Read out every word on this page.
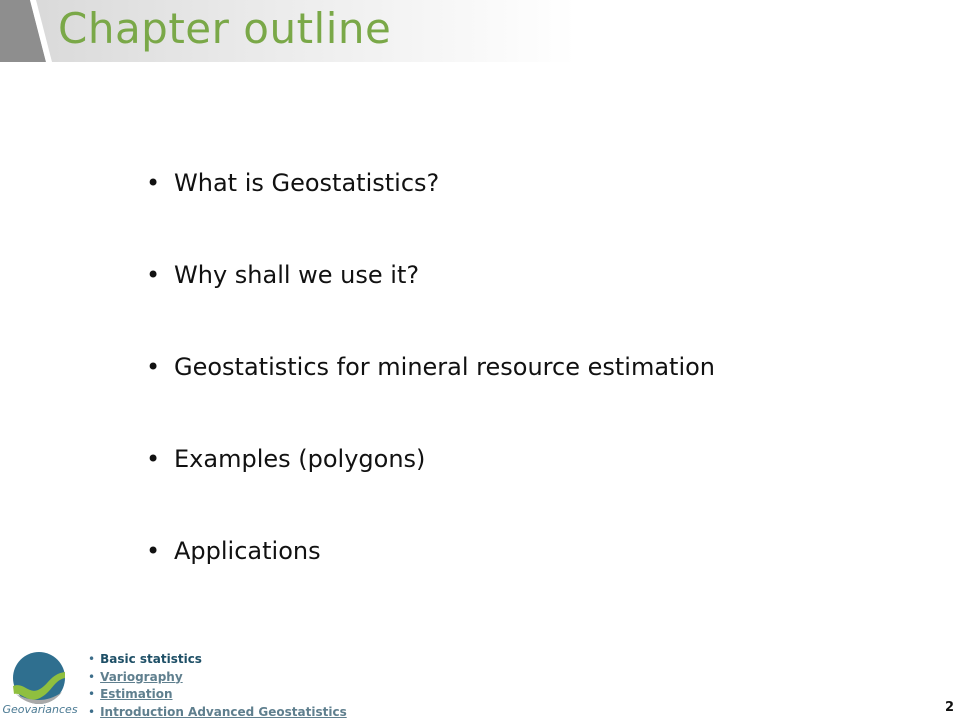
Chapter outline
• What is Geostatistics?
• Why shall we use it?
• Geostatistics for mineral resource estimation
• Examples (polygons)
• Applications
Geovariances
• Basic statistics
• Variography
• Estimation
• Introduction Advanced Geostatistics	2
